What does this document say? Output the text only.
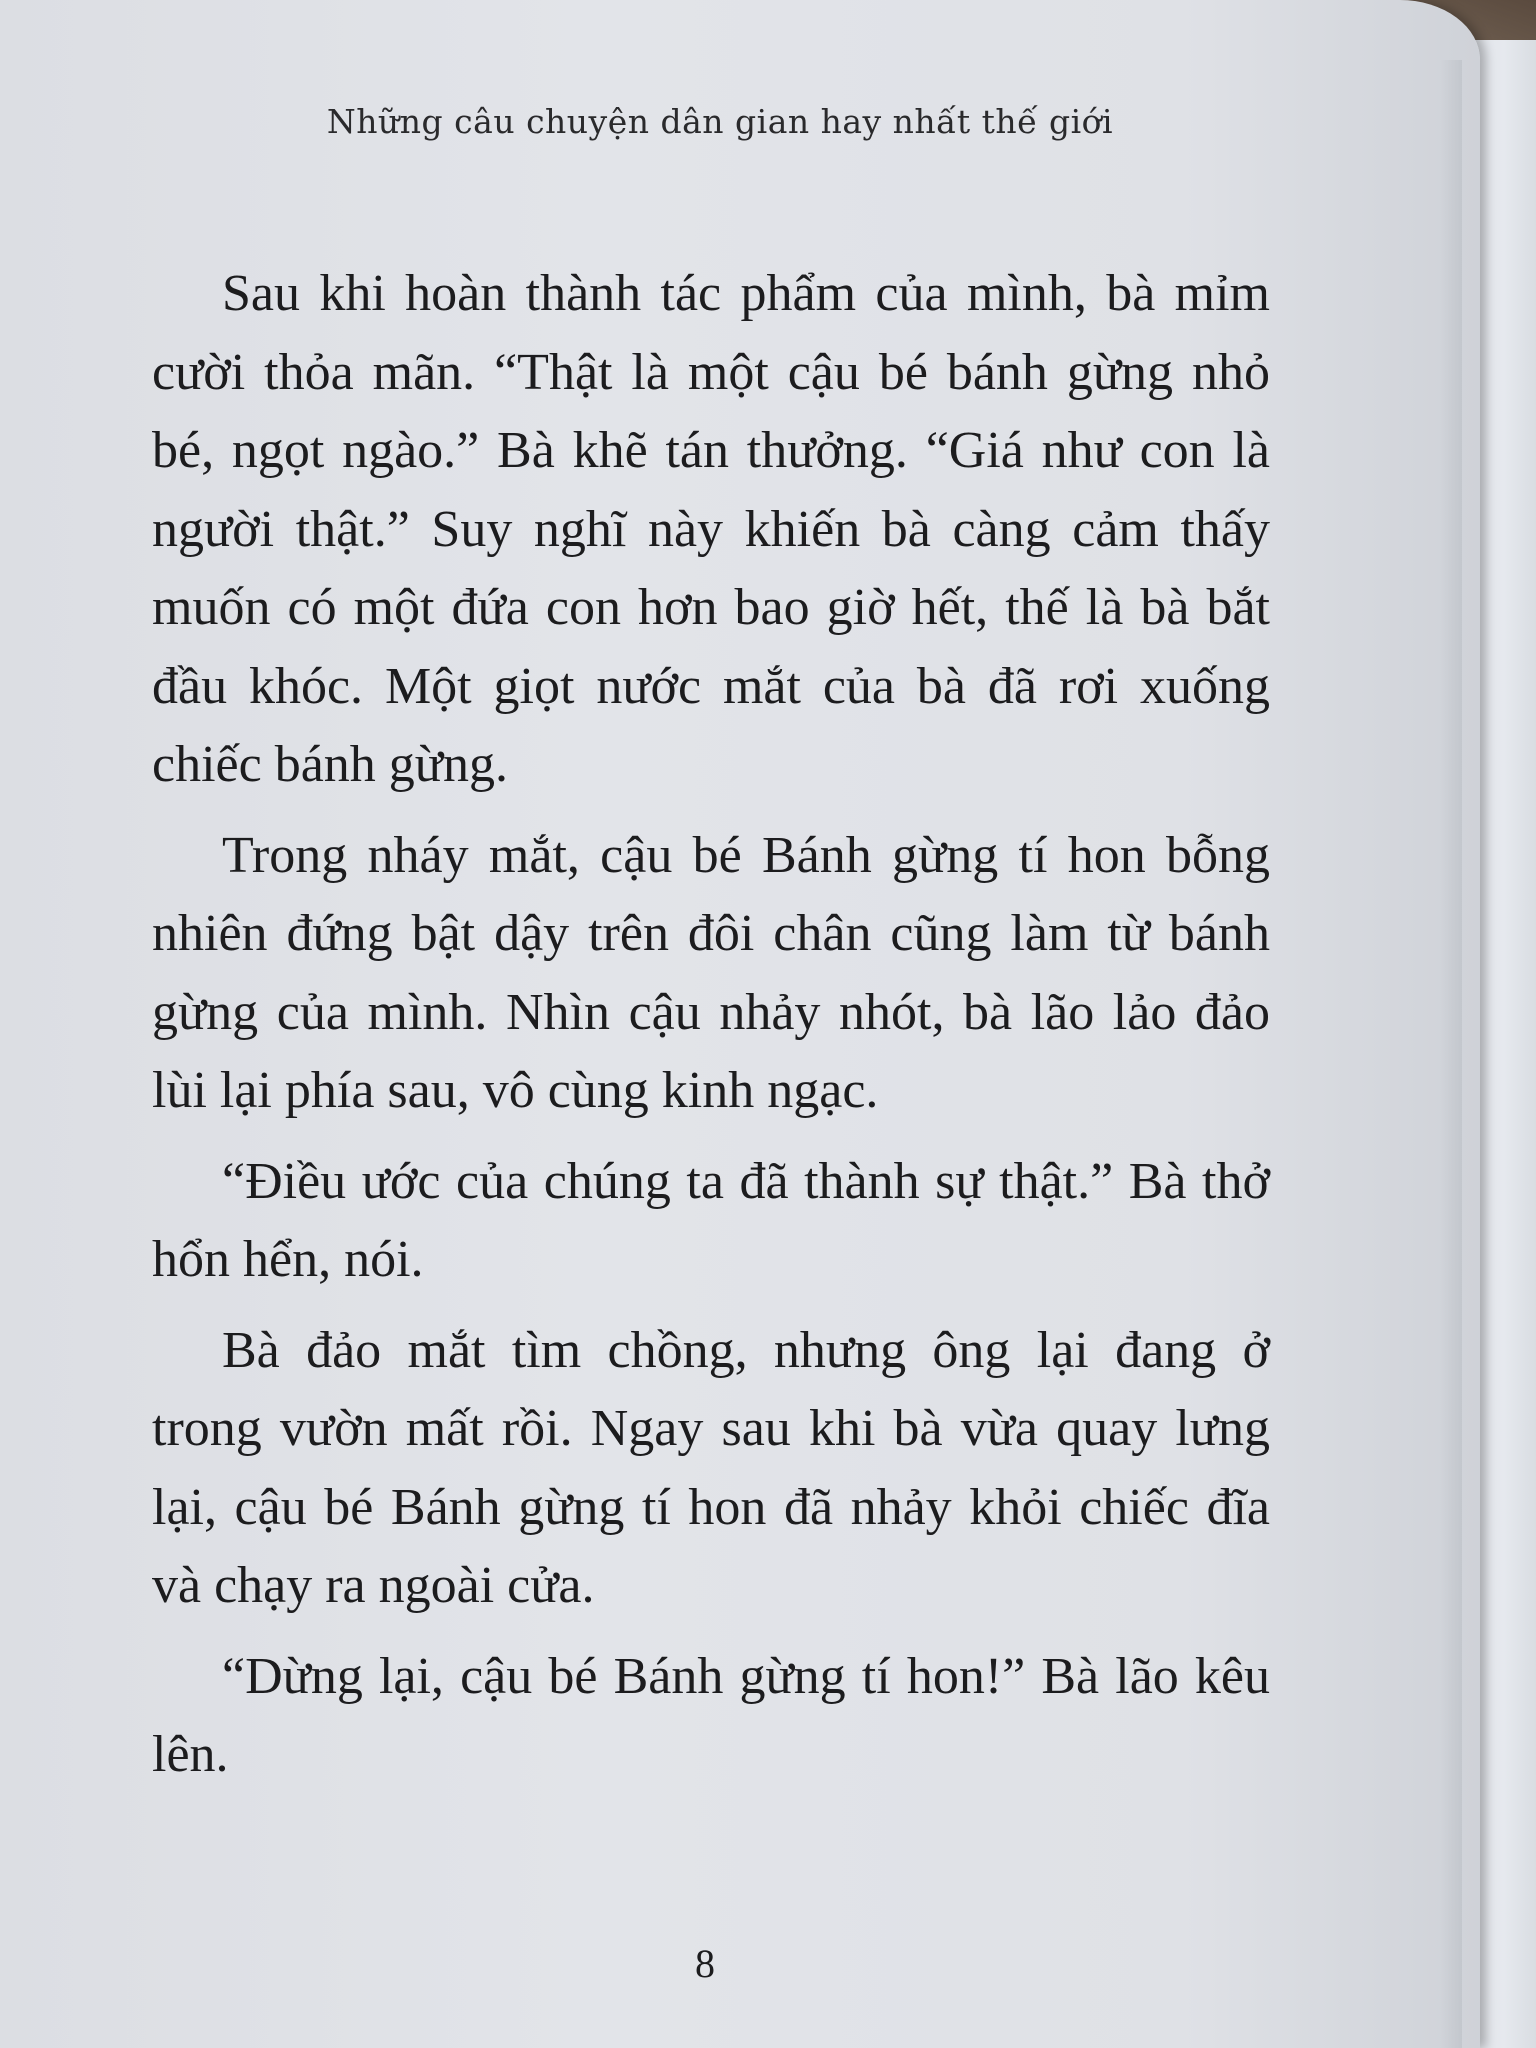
Những câu chuyện dân gian hay nhất thế giới

Sau khi hoàn thành tác phẩm của mình, bà mỉm cười thỏa mãn. “Thật là một cậu bé bánh gừng nhỏ bé, ngọt ngào.” Bà khẽ tán thưởng. “Giá như con là người thật.” Suy nghĩ này khiến bà càng cảm thấy muốn có một đứa con hơn bao giờ hết, thế là bà bắt đầu khóc. Một giọt nước mắt của bà đã rơi xuống chiếc bánh gừng.

Trong nháy mắt, cậu bé Bánh gừng tí hon bỗng nhiên đứng bật dậy trên đôi chân cũng làm từ bánh gừng của mình. Nhìn cậu nhảy nhót, bà lão lảo đảo lùi lại phía sau, vô cùng kinh ngạc.

“Điều ước của chúng ta đã thành sự thật.” Bà thở hổn hển, nói.

Bà đảo mắt tìm chồng, nhưng ông lại đang ở trong vườn mất rồi. Ngay sau khi bà vừa quay lưng lại, cậu bé Bánh gừng tí hon đã nhảy khỏi chiếc đĩa và chạy ra ngoài cửa.

“Dừng lại, cậu bé Bánh gừng tí hon!” Bà lão kêu lên.

8
